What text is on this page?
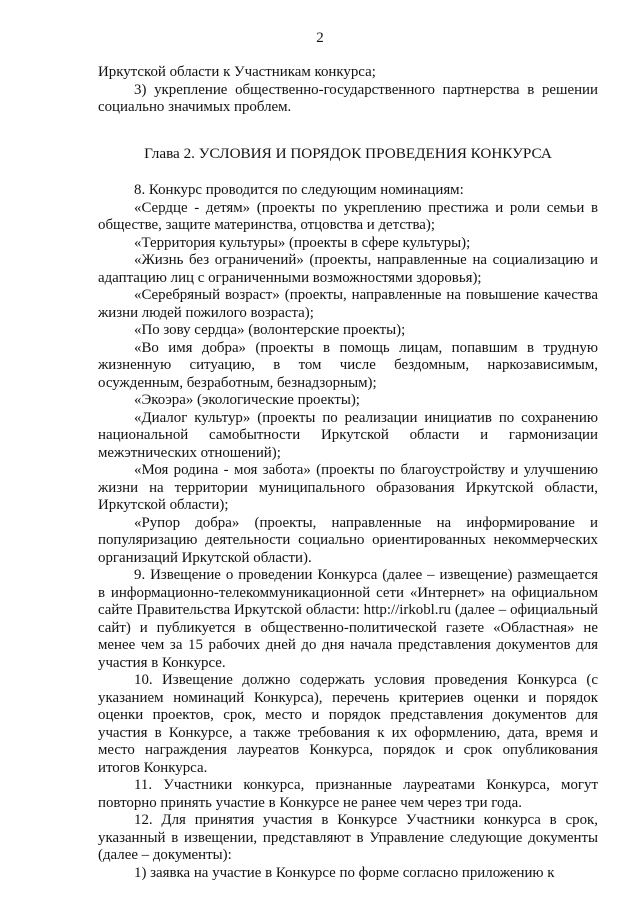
2

Иркутской области к Участникам конкурса;

3) укрепление общественно-государственного партнерства в решении социально значимых проблем.

Глава 2. УСЛОВИЯ И ПОРЯДОК ПРОВЕДЕНИЯ КОНКУРСА

8. Конкурс проводится по следующим номинациям:

«Сердце - детям» (проекты по укреплению престижа и роли семьи в обществе, защите материнства, отцовства и детства);

«Территория культуры» (проекты в сфере культуры);

«Жизнь без ограничений» (проекты, направленные на социализацию и адаптацию лиц с ограниченными возможностями здоровья);

«Серебряный возраст» (проекты, направленные на повышение качества жизни людей пожилого возраста);

«По зову сердца» (волонтерские проекты);

«Во имя добра» (проекты в помощь лицам, попавшим в трудную жизненную ситуацию, в том числе бездомным, наркозависимым, осужденным, безработным, безнадзорным);

«Экоэра» (экологические проекты);

«Диалог культур» (проекты по реализации инициатив по сохранению национальной самобытности Иркутской области и гармонизации межэтнических отношений);

«Моя родина - моя забота» (проекты по благоустройству и улучшению жизни на территории муниципального образования Иркутской области, Иркутской области);

«Рупор добра» (проекты, направленные на информирование и популяризацию деятельности социально ориентированных некоммерческих организаций Иркутской области).

9. Извещение о проведении Конкурса (далее – извещение) размещается в информационно-телекоммуникационной сети «Интернет» на официальном сайте Правительства Иркутской области: http://irkobl.ru (далее – официальный сайт) и публикуется в общественно-политической газете «Областная» не менее чем за 15 рабочих дней до дня начала представления документов для участия в Конкурсе.

10. Извещение должно содержать условия проведения Конкурса (с указанием номинаций Конкурса), перечень критериев оценки и порядок оценки проектов, срок, место и порядок представления документов для участия в Конкурсе, а также требования к их оформлению, дата, время и место награждения лауреатов Конкурса, порядок и срок опубликования итогов Конкурса.

11. Участники конкурса, признанные лауреатами Конкурса, могут повторно принять участие в Конкурсе не ранее чем через три года.

12. Для принятия участия в Конкурсе Участники конкурса в срок, указанный в извещении, представляют в Управление следующие документы (далее – документы):

1) заявка на участие в Конкурсе по форме согласно приложению к
